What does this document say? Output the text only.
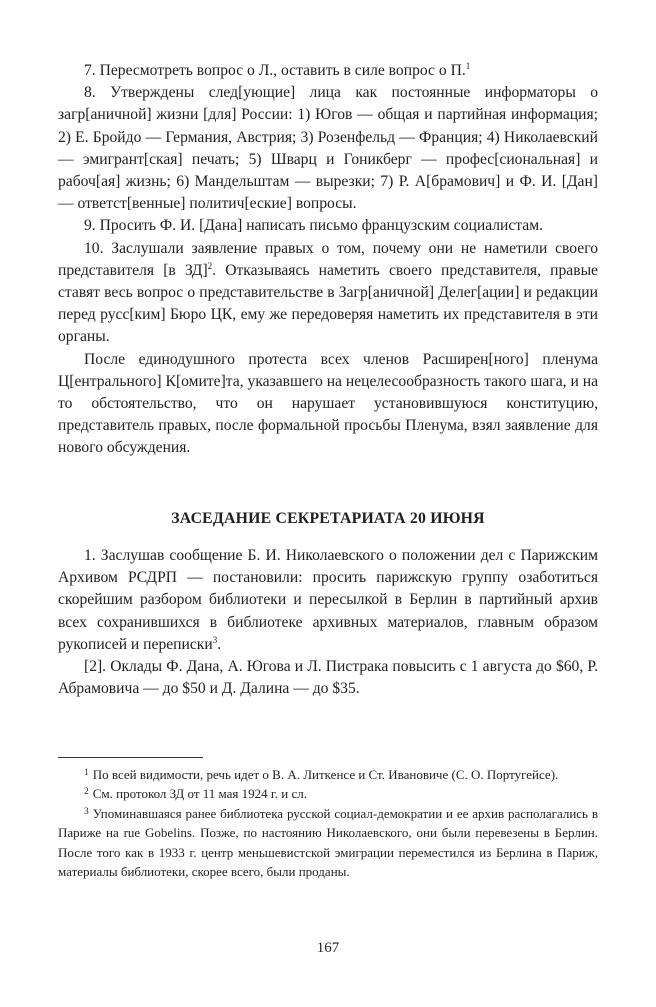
7. Пересмотреть вопрос о Л., оставить в силе вопрос о П.$^1$

8. Утверждены след[ующие] лица как постоянные информаторы о загр[аничной] жизни [для] России: 1) Югов — общая и партийная информация; 2) Е. Бройдо — Германия, Австрия; 3) Розенфельд — Франция; 4) Николаевский — эмигрант[ская] печать; 5) Шварц и Гоникберг — профес[сиональная] и рабоч[ая] жизнь; 6) Мандельштам — вырезки; 7) Р. А[брамович] и Ф. И. [Дан] — ответст[венные] политич[еские] вопросы.

9. Просить Ф. И. [Дана] написать письмо французским социалистам.

10. Заслушали заявление правых о том, почему они не наметили своего представителя [в ЗД]$^2$. Отказываясь наметить своего представителя, правые ставят весь вопрос о представительстве в Загр[аничной] Делег[ации] и редакции перед русс[ким] Бюро ЦК, ему же передоверяя наметить их представителя в эти органы.

После единодушного протеста всех членов Расширен[ного] пленума Ц[ентрального] К[омите]та, указавшего на нецелесообразность такого шага, и на то обстоятельство, что он нарушает установившуюся конституцию, представитель правых, после формальной просьбы Пленума, взял заявление для нового обсуждения.

ЗАСЕДАНИЕ СЕКРЕТАРИАТА 20 ИЮНЯ

1. Заслушав сообщение Б. И. Николаевского о положении дел с Парижским Архивом РСДРП — постановили: просить парижскую группу озаботиться скорейшим разбором библиотеки и пересылкой в Берлин в партийный архив всех сохранившихся в библиотеке архивных материалов, главным образом рукописей и переписки$^3$.

[2]. Оклады Ф. Дана, А. Югова и Л. Пистрака повысить с 1 августа до $60, Р. Абрамовича — до $50 и Д. Далина — до $35.

$^1$ По всей видимости, речь идет о В. А. Литкенсе и Ст. Ивановиче (С. О. Португейсе).

$^2$ См. протокол ЗД от 11 мая 1924 г. и сл.

$^3$ Упоминавшаяся ранее библиотека русской социал-демократии и ее архив располагались в Париже на rue Gobelins. Позже, по настоянию Николаевского, они были перевезены в Берлин. После того как в 1933 г. центр меньшевистской эмиграции переместился из Берлина в Париж, материалы библиотеки, скорее всего, были проданы.

167
